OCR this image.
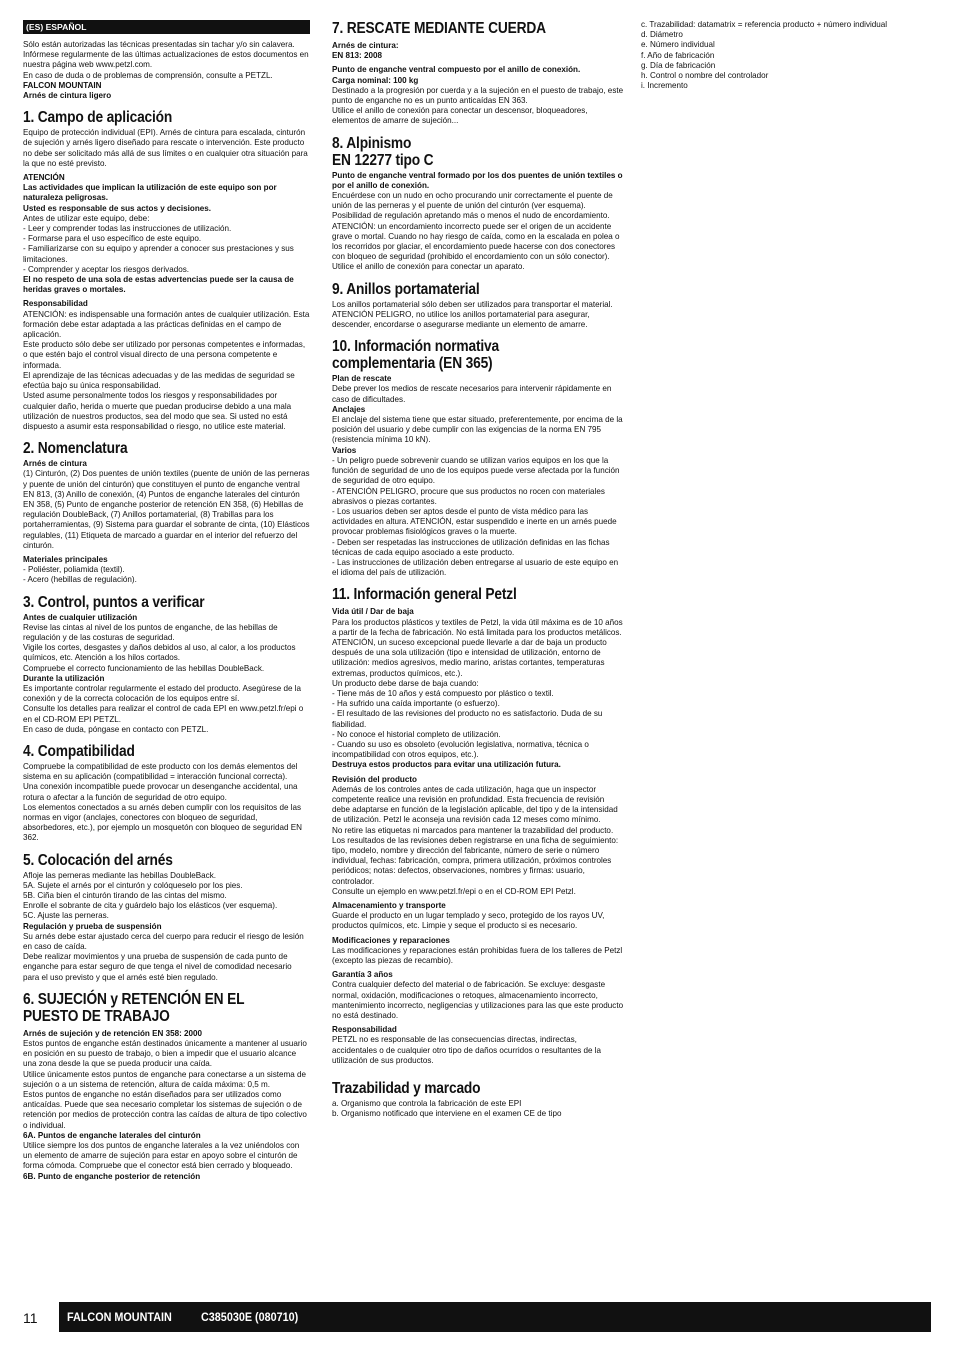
(ES) ESPAÑOL

Sólo están autorizadas las técnicas presentadas sin tachar y/o sin calavera. Infórmese regularmente de las últimas actualizaciones de estos documentos en nuestra página web www.petzl.com.

En caso de duda o de problemas de comprensión, consulte a PETZL.

FALCON MOUNTAIN

Arnés de cintura ligero

1. Campo de aplicación

Equipo de protección individual (EPI). Arnés de cintura para escalada, cinturón de sujeción y arnés ligero diseñado para rescate o intervención. Este producto no debe ser solicitado más allá de sus límites o en cualquier otra situación para la que no esté previsto.

ATENCIÓN

Las actividades que implican la utilización de este equipo son por naturaleza peligrosas.

Usted es responsable de sus actos y decisiones.

Antes de utilizar este equipo, debe:

- Leer y comprender todas las instrucciones de utilización.
- Formarse para el uso específico de este equipo.
- Familiarizarse con su equipo y aprender a conocer sus prestaciones y sus limitaciones.
- Comprender y aceptar los riesgos derivados.

El no respeto de una sola de estas advertencias puede ser la causa de heridas graves o mortales.

Responsabilidad

ATENCIÓN: es indispensable una formación antes de cualquier utilización. Esta formación debe estar adaptada a las prácticas definidas en el campo de aplicación.

Este producto sólo debe ser utilizado por personas competentes e informadas, o que estén bajo el control visual directo de una persona competente e informada.

El aprendizaje de las técnicas adecuadas y de las medidas de seguridad se efectúa bajo su única responsabilidad.

Usted asume personalmente todos los riesgos y responsabilidades por cualquier daño, herida o muerte que puedan producirse debido a una mala utilización de nuestros productos, sea del modo que sea. Si usted no está dispuesto a asumir esta responsabilidad o riesgo, no utilice este material.

2. Nomenclatura

Arnés de cintura

(1) Cinturón, (2) Dos puentes de unión textiles (puente de unión de las perneras y puente de unión del cinturón) que constituyen el punto de enganche ventral EN 813, (3) Anillo de conexión, (4) Puntos de enganche laterales del cinturón EN 358, (5) Punto de enganche posterior de retención EN 358, (6) Hebillas de regulación DoubleBack, (7) Anillos portamaterial, (8) Trabillas para los portaherramientas, (9) Sistema para guardar el sobrante de cinta, (10) Elásticos regulables, (11) Etiqueta de marcado a guardar en el interior del refuerzo del cinturón.

Materiales principales

- Poliéster, poliamida (textil).
- Acero (hebillas de regulación).
3. Control, puntos a verificar

Antes de cualquier utilización

Revise las cintas al nivel de los puntos de enganche, de las hebillas de regulación y de las costuras de seguridad.

Vigile los cortes, desgastes y daños debidos al uso, al calor, a los productos químicos, etc. Atención a los hilos cortados.

Compruebe el correcto funcionamiento de las hebillas DoubleBack.

Durante la utilización

Es importante controlar regularmente el estado del producto. Asegúrese de la conexión y de la correcta colocación de los equipos entre sí.

Consulte los detalles para realizar el control de cada EPI en www.petzl.fr/epi o en el CD-ROM EPI PETZL.

En caso de duda, póngase en contacto con PETZL.

4. Compatibilidad

Compruebe la compatibilidad de este producto con los demás elementos del sistema en su aplicación (compatibilidad = interacción funcional correcta).

Una conexión incompatible puede provocar un desenganche accidental, una rotura o afectar a la función de seguridad de otro equipo.

Los elementos conectados a su arnés deben cumplir con los requisitos de las normas en vigor (anclajes, conectores con bloqueo de seguridad, absorbedores, etc.), por ejemplo un mosquetón con bloqueo de seguridad EN 362.

5. Colocación del arnés

Afloje las perneras mediante las hebillas DoubleBack.

5A. Sujete el arnés por el cinturón y colóqueselo por los pies.

5B. Ciña bien el cinturón tirando de las cintas del mismo.

Enrolle el sobrante de cita y guárdelo bajo los elásticos (ver esquema).

5C. Ajuste las perneras.

Regulación y prueba de suspensión

Su arnés debe estar ajustado cerca del cuerpo para reducir el riesgo de lesión en caso de caída.

Debe realizar movimientos y una prueba de suspensión de cada punto de enganche para estar seguro de que tenga el nivel de comodidad necesario para el uso previsto y que el arnés esté bien regulado.

6. SUJECIÓN y RETENCIÓN EN EL PUESTO DE TRABAJO

Arnés de sujeción y de retención EN 358: 2000

Estos puntos de enganche están destinados únicamente a mantener al usuario en posición en su puesto de trabajo, o bien a impedir que el usuario alcance una zona desde la que se pueda producir una caída.

Utilice únicamente estos puntos de enganche para conectarse a un sistema de sujeción o a un sistema de retención, altura de caída máxima: 0,5 m.

Estos puntos de enganche no están diseñados para ser utilizados como anticaídas. Puede que sea necesario completar los sistemas de sujeción o de retención por medios de protección contra las caídas de altura de tipo colectivo o individual.

6A. Puntos de enganche laterales del cinturón

Utilice siempre los dos puntos de enganche laterales a la vez uniéndolos con un elemento de amarre de sujeción para estar en apoyo sobre el cinturón de forma cómoda. Compruebe que el conector está bien cerrado y bloqueado.

6B. Punto de enganche posterior de retención

7. RESCATE MEDIANTE CUERDA

Arnés de cintura:

EN 813: 2008

Punto de enganche ventral compuesto por el anillo de conexión.

Carga nominal: 100 kg

Destinado a la progresión por cuerda y a la sujeción en el puesto de trabajo, este punto de enganche no es un punto anticaídas EN 363.

Utilice el anillo de conexión para conectar un descensor, bloqueadores, elementos de amarre de sujeción...

8. Alpinismo
EN 12277 tipo C

Punto de enganche ventral formado por los dos puentes de unión textiles o por el anillo de conexión.

Encuérdese con un nudo en ocho procurando unir correctamente el puente de unión de las perneras y el puente de unión del cinturón (ver esquema).

Posibilidad de regulación apretando más o menos el nudo de encordamiento.

ATENCIÓN: un encordamiento incorrecto puede ser el origen de un accidente grave o mortal. Cuando no hay riesgo de caída, como en la escalada en polea o los recorridos por glaciar, el encordamiento puede hacerse con dos conectores con bloqueo de seguridad (prohibido el encordamiento con un sólo conector).

Utilice el anillo de conexión para conectar un aparato.

9. Anillos portamaterial

Los anillos portamaterial sólo deben ser utilizados para transportar el material.

ATENCIÓN PELIGRO, no utilice los anillos portamaterial para asegurar, descender, encordarse o asegurarse mediante un elemento de amarre.

10. Información normativa complementaria (EN 365)

Plan de rescate

Debe prever los medios de rescate necesarios para intervenir rápidamente en caso de dificultades.

Anclajes

El anclaje del sistema tiene que estar situado, preferentemente, por encima de la posición del usuario y debe cumplir con las exigencias de la norma EN 795 (resistencia mínima 10 kN).

Varios

- Un peligro puede sobrevenir cuando se utilizan varios equipos en los que la función de seguridad de uno de los equipos puede verse afectada por la función de seguridad de otro equipo.
- ATENCIÓN PELIGRO, procure que sus productos no rocen con materiales abrasivos o piezas cortantes.
- Los usuarios deben ser aptos desde el punto de vista médico para las actividades en altura. ATENCIÓN, estar suspendido e inerte en un arnés puede provocar problemas fisiológicos graves o la muerte.
- Deben ser respetadas las instrucciones de utilización definidas en las fichas técnicas de cada equipo asociado a este producto.
- Las instrucciones de utilización deben entregarse al usuario de este equipo en el idioma del país de utilización.
11. Información general Petzl

Vida útil / Dar de baja

Para los productos plásticos y textiles de Petzl, la vida útil máxima es de 10 años a partir de la fecha de fabricación. No está limitada para los productos metálicos.

ATENCIÓN, un suceso excepcional puede llevarle a dar de baja un producto después de una sola utilización (tipo e intensidad de utilización, entorno de utilización: medios agresivos, medio marino, aristas cortantes, temperaturas extremas, productos químicos, etc.).

Un producto debe darse de baja cuando:

- Tiene más de 10 años y está compuesto por plástico o textil.
- Ha sufrido una caída importante (o esfuerzo).
- El resultado de las revisiones del producto no es satisfactorio. Duda de su fiabilidad.
- No conoce el historial completo de utilización.
- Cuando su uso es obsoleto (evolución legislativa, normativa, técnica o incompatibilidad con otros equipos, etc.).

Destruya estos productos para evitar una utilización futura.

Revisión del producto

Además de los controles antes de cada utilización, haga que un inspector competente realice una revisión en profundidad. Esta frecuencia de revisión debe adaptarse en función de la legislación aplicable, del tipo y de la intensidad de utilización. Petzl le aconseja una revisión cada 12 meses como mínimo.

No retire las etiquetas ni marcados para mantener la trazabilidad del producto.

Los resultados de las revisiones deben registrarse en una ficha de seguimiento: tipo, modelo, nombre y dirección del fabricante, número de serie o número individual, fechas: fabricación, compra, primera utilización, próximos controles periódicos; notas: defectos, observaciones, nombres y firmas: usuario, controlador.

Consulte un ejemplo en www.petzl.fr/epi o en el CD-ROM EPI Petzl.

Almacenamiento y transporte

Guarde el producto en un lugar templado y seco, protegido de los rayos UV, productos químicos, etc. Limpie y seque el producto si es necesario.

Modificaciones y reparaciones

Las modificaciones y reparaciones están prohibidas fuera de los talleres de Petzl (excepto las piezas de recambio).

Garantía 3 años

Contra cualquier defecto del material o de fabricación. Se excluye: desgaste normal, oxidación, modificaciones o retoques, almacenamiento incorrecto, mantenimiento incorrecto, negligencias y utilizaciones para las que este producto no está destinado.

Responsabilidad

PETZL no es responsable de las consecuencias directas, indirectas, accidentales o de cualquier otro tipo de daños ocurridos o resultantes de la utilización de sus productos.

Trazabilidad y marcado

a. Organismo que controla la fabricación de este EPI

b. Organismo notificado que interviene en el examen CE de tipo

c. Trazabilidad: datamatrix = referencia producto + número individual

d. Diámetro

e. Número individual

f. Año de fabricación

g. Día de fabricación

h. Control o nombre del controlador

i. Incremento

11 FALCON MOUNTAIN C385030E (080710)
